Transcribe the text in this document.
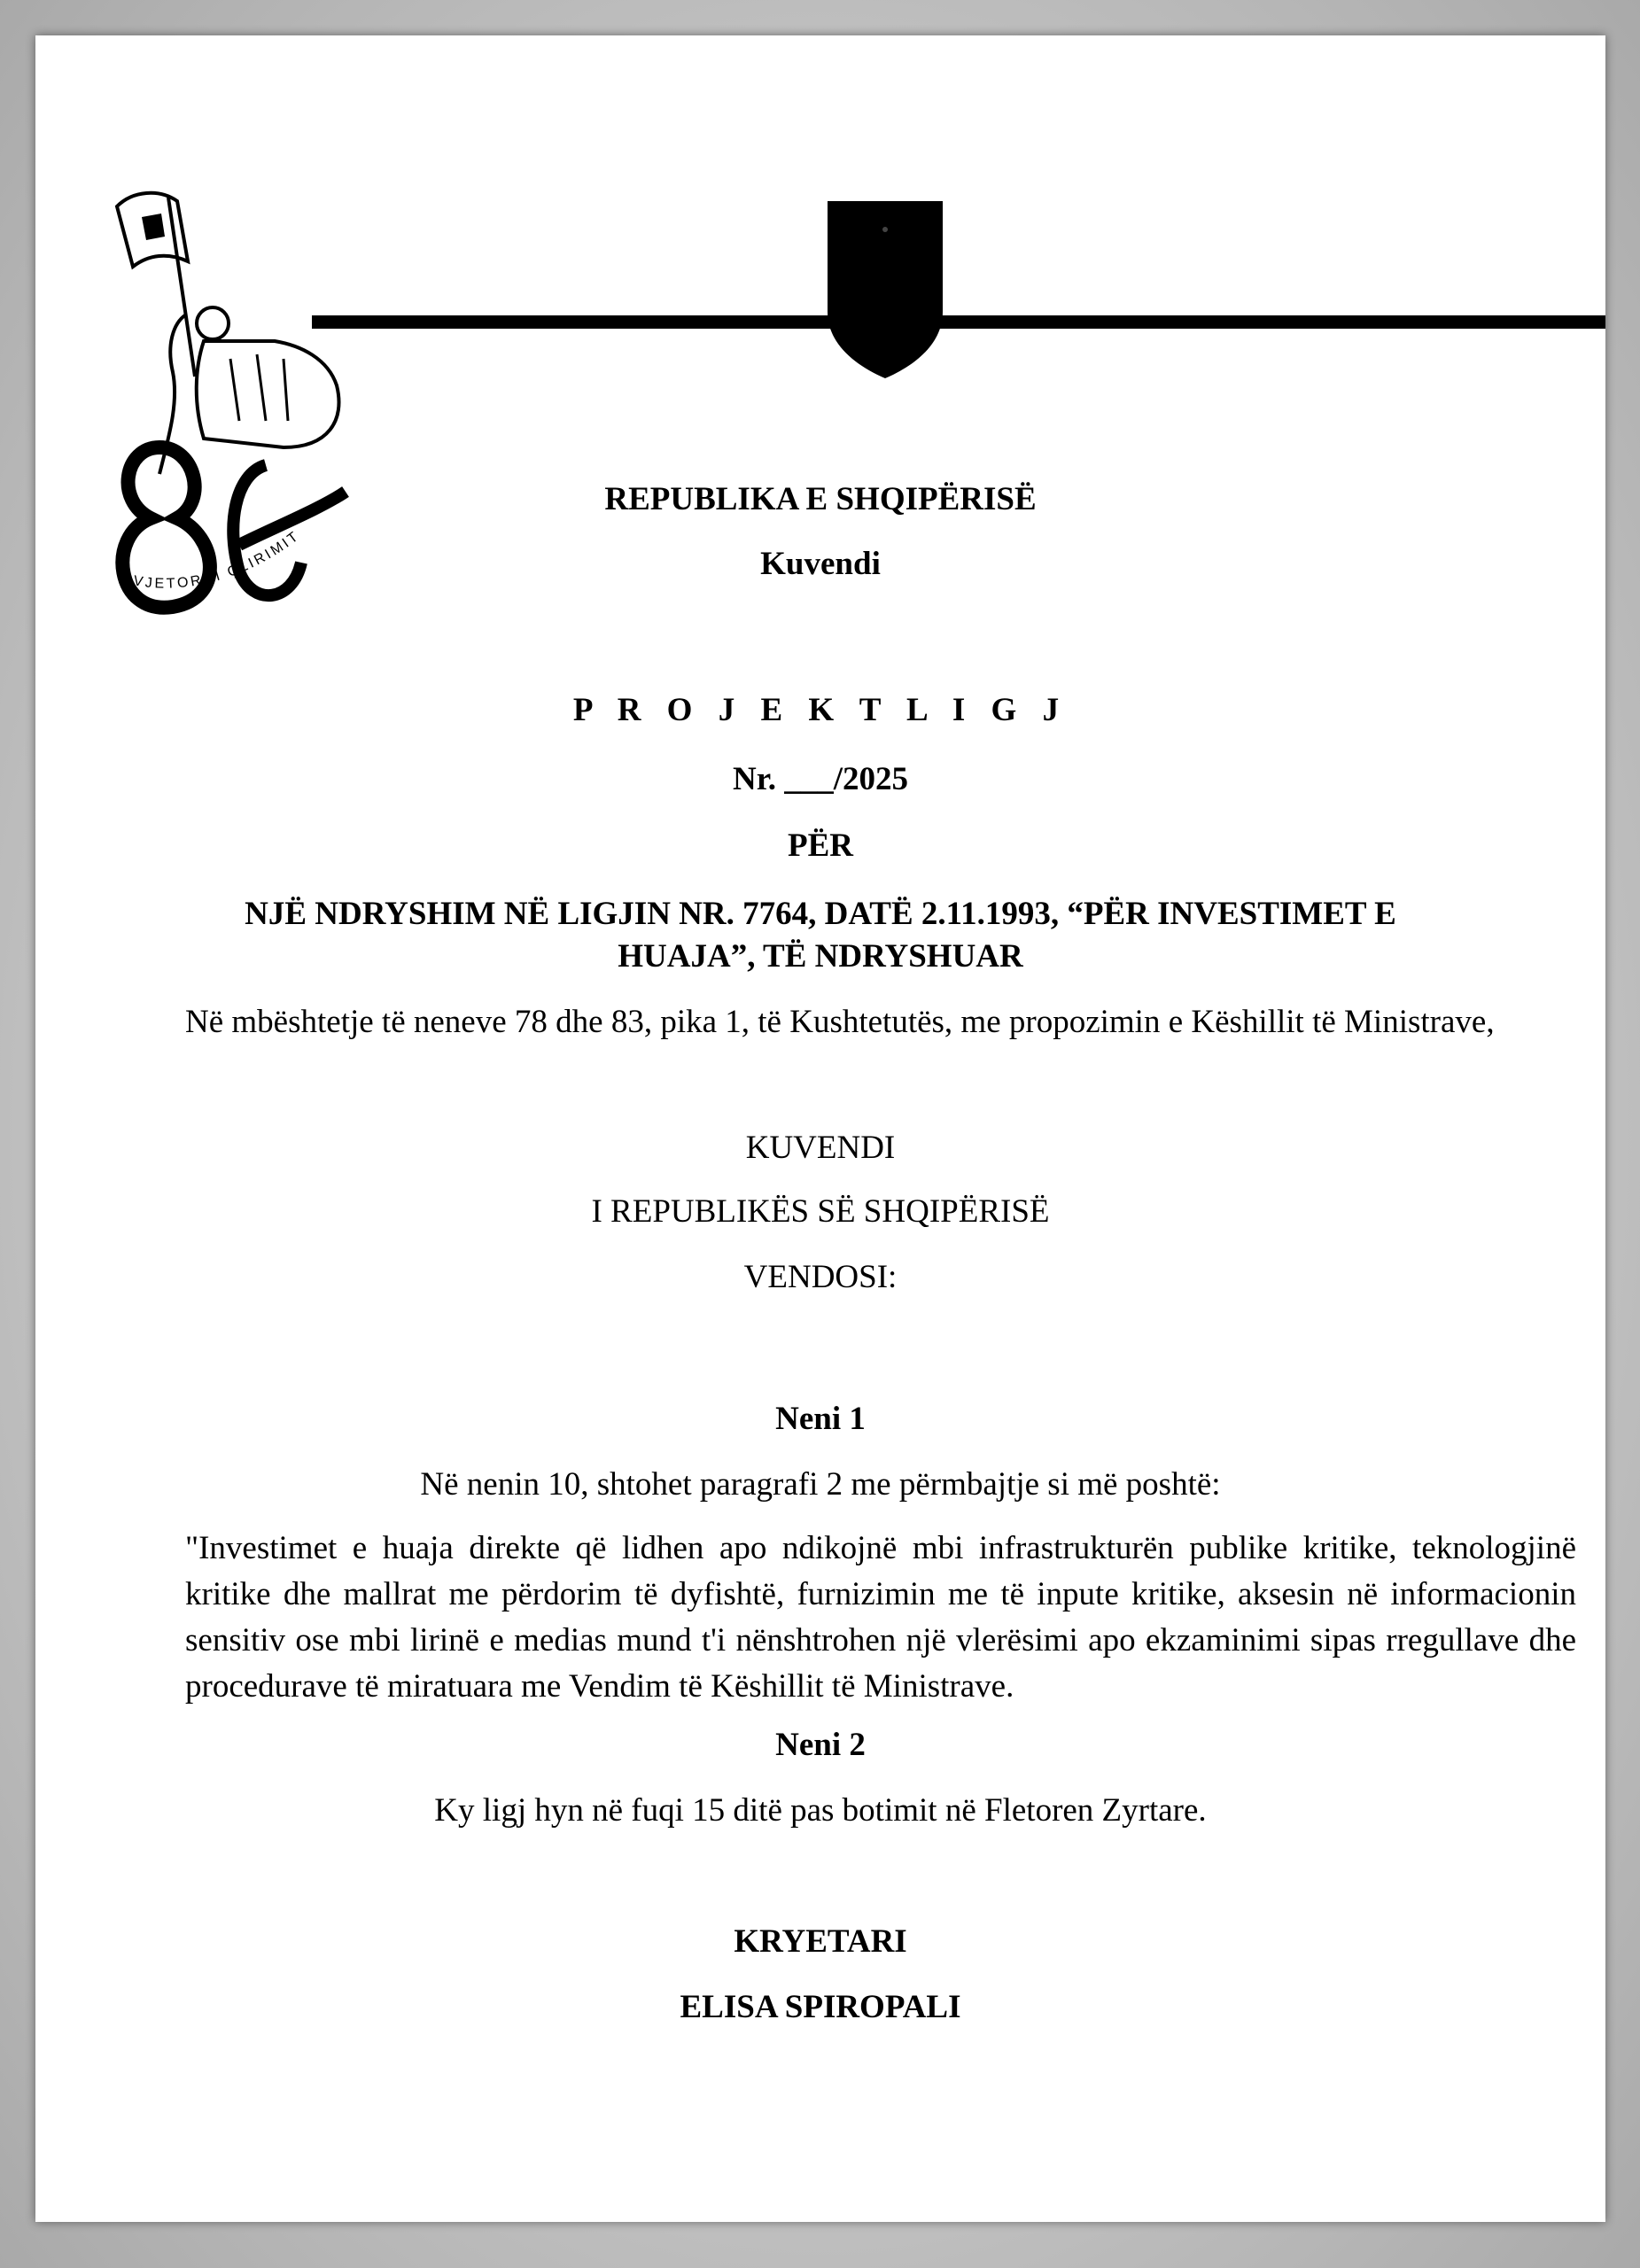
VJETORI I ÇLIRIMIT
REPUBLIKA E SHQIPËRISË
Kuvendi
P R O J E K T L I G J
Nr. ___/2025
PËR
NJË NDRYSHIM NË LIGJIN NR. 7764, DATË 2.11.1993, “PËR INVESTIMET E HUAJA”, TË NDRYSHUAR
Në mbështetje të neneve 78 dhe 83, pika 1, të Kushtetutës, me propozimin e Këshillit të Ministrave,
KUVENDI
I REPUBLIKËS SË SHQIPËRISË
VENDOSI:
Neni 1
Në nenin 10, shtohet paragrafi 2 me përmbajtje si më poshtë:
"Investimet e huaja direkte që lidhen apo ndikojnë mbi infrastrukturën publike kritike, teknologjinë kritike dhe mallrat me përdorim të dyfishtë, furnizimin me të inpute kritike, aksesin në informacionin sensitiv ose mbi lirinë e medias mund t'i nënshtrohen një vlerësimi apo ekzaminimi sipas rregullave dhe procedurave të miratuara me Vendim të Këshillit të Ministrave.
Neni 2
Ky ligj hyn në fuqi 15 ditë pas botimit në Fletoren Zyrtare.
KRYETARI
ELISA SPIROPALI
